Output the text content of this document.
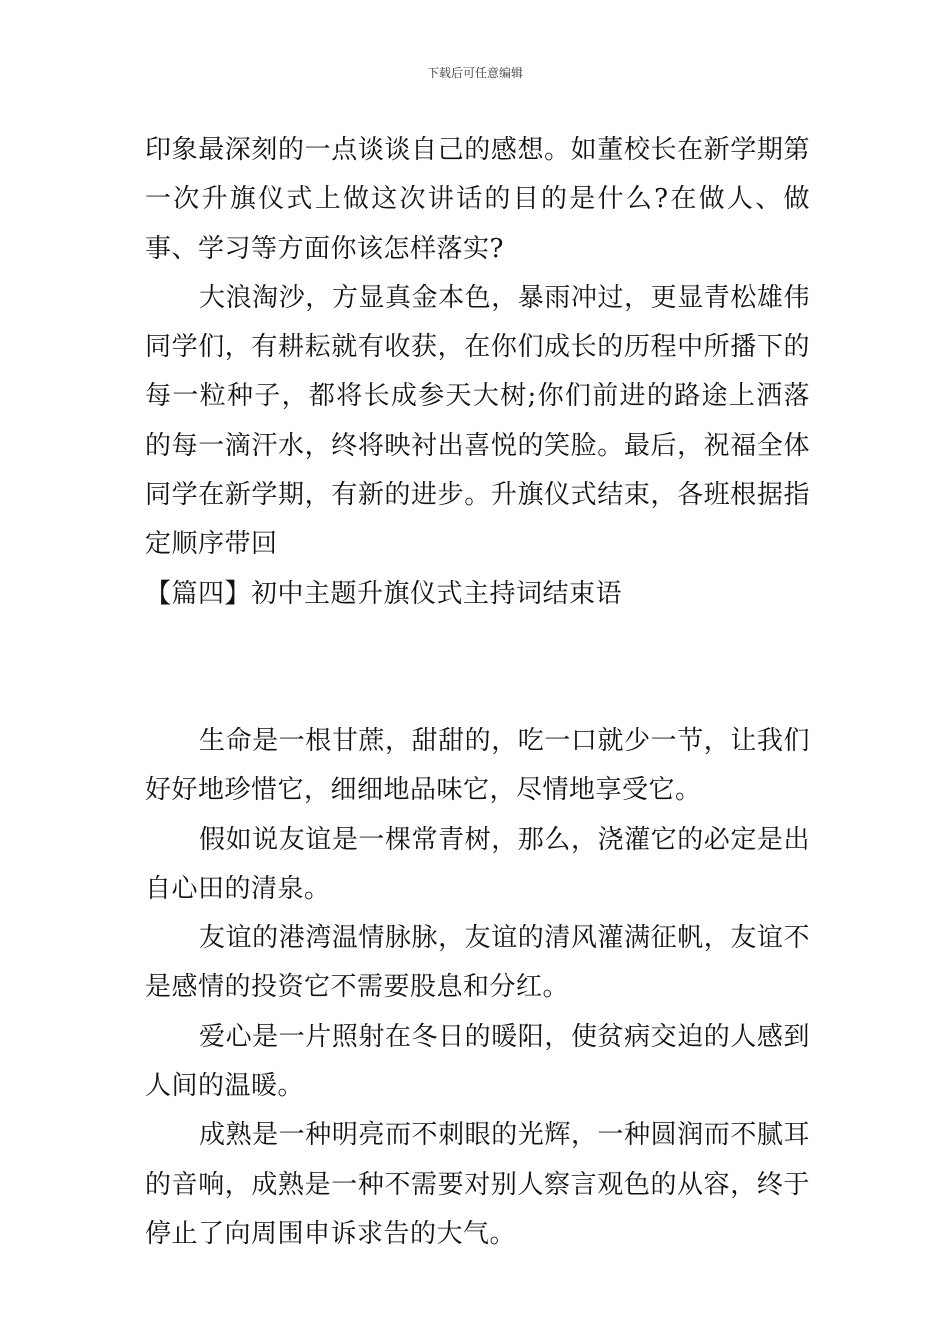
下载后可任意编辑

印象最深刻的一点谈谈自己的感想。如董校长在新学期第一次升旗仪式上做这次讲话的目的是什么?在做人、做事、学习等方面你该怎样落实?

大浪淘沙，方显真金本色，暴雨冲过，更显青松雄伟同学们，有耕耘就有收获，在你们成长的历程中所播下的每一粒种子，都将长成参天大树;你们前进的路途上洒落的每一滴汗水，终将映衬出喜悦的笑脸。最后，祝福全体同学在新学期，有新的进步。升旗仪式结束，各班根据指定顺序带回

【篇四】初中主题升旗仪式主持词结束语

生命是一根甘蔗，甜甜的，吃一口就少一节，让我们好好地珍惜它，细细地品味它，尽情地享受它。

假如说友谊是一棵常青树，那么，浇灌它的必定是出自心田的清泉。

友谊的港湾温情脉脉，友谊的清风灌满征帆，友谊不是感情的投资它不需要股息和分红。

爱心是一片照射在冬日的暖阳，使贫病交迫的人感到人间的温暖。

成熟是一种明亮而不刺眼的光辉，一种圆润而不腻耳的音响，成熟是一种不需要对别人察言观色的从容，终于停止了向周围申诉求告的大气。
